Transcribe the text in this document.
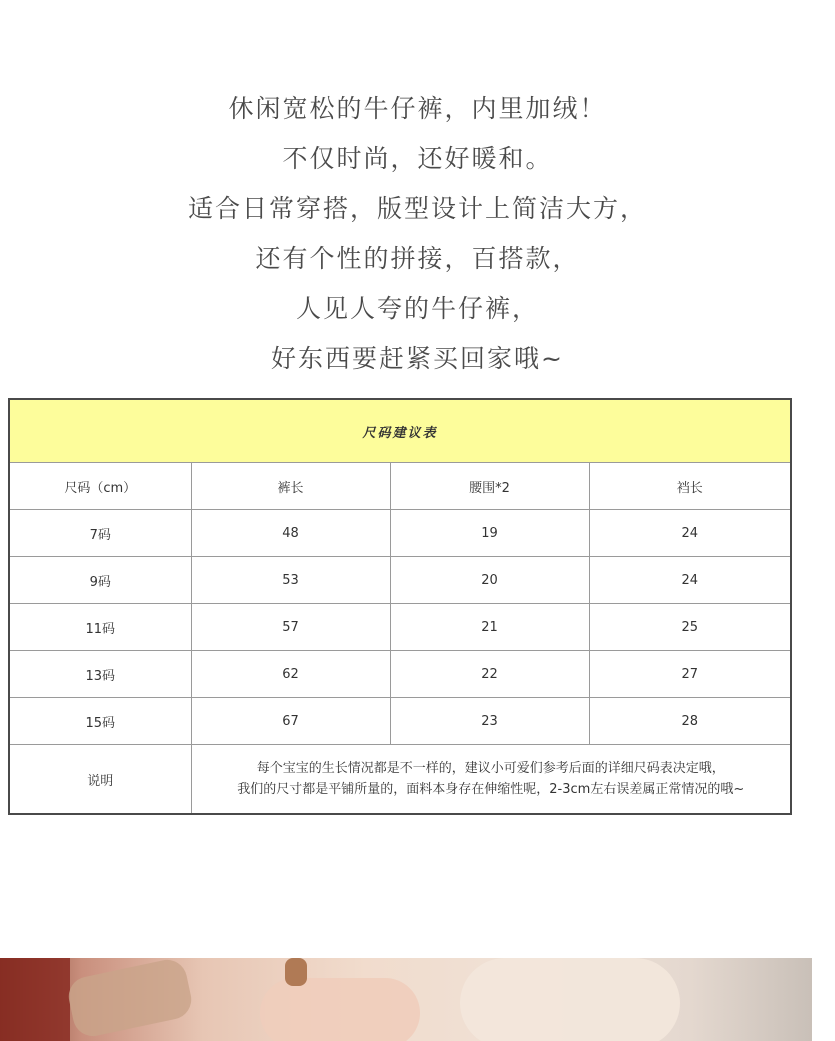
休闲宽松的牛仔裤，内里加绒！
不仅时尚，还好暖和。
适合日常穿搭，版型设计上简洁大方，
还有个性的拼接，百搭款，
人见人夸的牛仔裤，
好东西要赶紧买回家哦~
尺码建议表			
尺码（cm）	裤长	腰围*2	裆长
7码	48	19	24
9码	53	20	24
11码	57	21	25
13码	62	22	27
15码	67	23	28
说明	每个宝宝的生长情况都是不一样的，建议小可爱们参考后面的详细尺码表决定哦，
我们的尺寸都是平铺所量的，面料本身存在伸缩性呢，2-3cm左右误差属正常情况的哦~		
